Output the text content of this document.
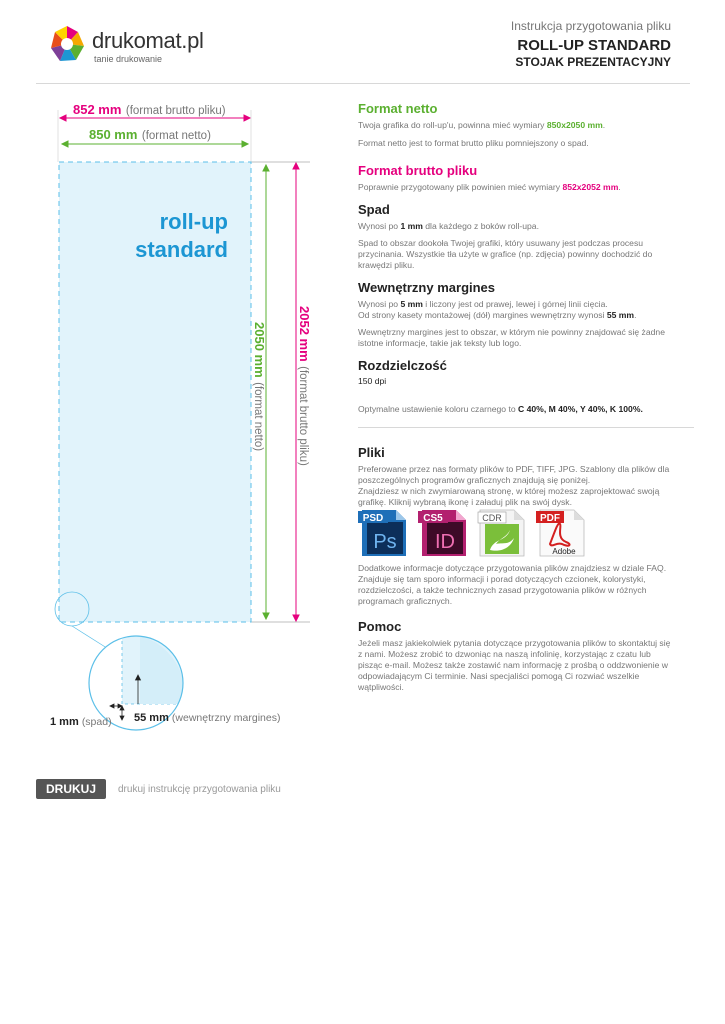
drukomat.pl
tanie drukowanie
Instrukcja przygotowania pliku
ROLL-UP STANDARD
STOJAK PREZENTACYJNY
852 mm (format brutto pliku)
850 mm (format netto)
roll-up
standard
2050 mm (format netto)
2052 mm (format brutto pliku)
1 mm (spad) 55 mm (wewnętrzny margines)
Format netto
Twoja grafika do roll-up'u, powinna mieć wymiary 850x2050 mm.
Format netto jest to format brutto pliku pomniejszony o spad.
Format brutto pliku
Poprawnie przygotowany plik powinien mieć wymiary 852x2052 mm.
Spad
Wynosi po 1 mm dla każdego z boków roll-upa.
Spad to obszar dookoła Twojej grafiki, który usuwany jest podczas procesu przycinania. Wszystkie tła użyte w grafice (np. zdjęcia) powinny dochodzić do krawędzi pliku.
Wewnętrzny margines
Wynosi po 5 mm i liczony jest od prawej, lewej i górnej linii cięcia.
Od strony kasety montażowej (dół) margines wewnętrzny wynosi 55 mm.
Wewnętrzny margines jest to obszar, w którym nie powinny znajdować się żadne istotne informacje, takie jak teksty lub logo.
Rozdzielczość
150 dpi
Optymalne ustawienie koloru czarnego to C 40%, M 40%, Y 40%, K 100%.
Pliki
Preferowane przez nas formaty plików to PDF, TIFF, JPG. Szablony dla plików dla poszczególnych programów graficznych znajdują się poniżej.
Znajdziesz w nich zwymiarowaną stronę, w której możesz zaprojektować swoją grafikę. Kliknij wybraną ikonę i załaduj plik na swój dysk.
Ps
PSD
ID
CS5	CDR
Adobe
PDF
Dodatkowe informacje dotyczące przygotowania plików znajdziesz w dziale FAQ. Znajduje się tam sporo informacji i porad dotyczących czcionek, kolorystyki, rozdzielczości, a także technicznych zasad przygotowania plików w różnych programach graficznych.
Pomoc
Jeżeli masz jakiekolwiek pytania dotyczące przygotowania plików to skontaktuj się z nami. Możesz zrobić to dzwoniąc na naszą infolinię, korzystając z czatu lub pisząc e-mail. Możesz także zostawić nam informację z prośbą o oddzwonienie w odpowiadającym Ci terminie. Nasi specjaliści pomogą Ci rozwiać wszelkie wątpliwości.
DRUKUJ	drukuj instrukcję przygotowania pliku
